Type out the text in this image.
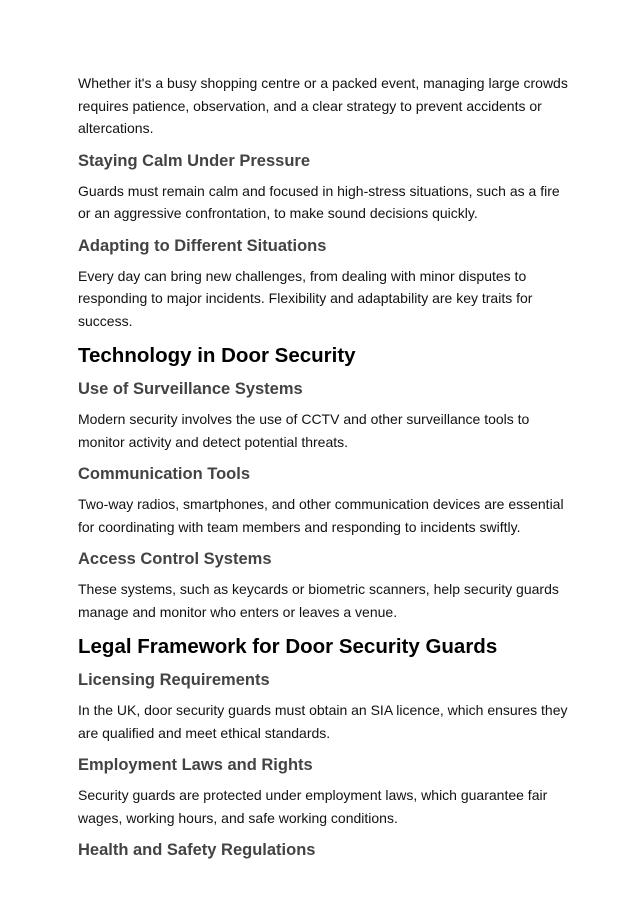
Whether it's a busy shopping centre or a packed event, managing large crowds requires patience, observation, and a clear strategy to prevent accidents or altercations.

Staying Calm Under Pressure

Guards must remain calm and focused in high-stress situations, such as a fire or an aggressive confrontation, to make sound decisions quickly.

Adapting to Different Situations

Every day can bring new challenges, from dealing with minor disputes to responding to major incidents. Flexibility and adaptability are key traits for success.

Technology in Door Security
Use of Surveillance Systems

Modern security involves the use of CCTV and other surveillance tools to monitor activity and detect potential threats.

Communication Tools

Two-way radios, smartphones, and other communication devices are essential for coordinating with team members and responding to incidents swiftly.

Access Control Systems

These systems, such as keycards or biometric scanners, help security guards manage and monitor who enters or leaves a venue.

Legal Framework for Door Security Guards
Licensing Requirements

In the UK, door security guards must obtain an SIA licence, which ensures they are qualified and meet ethical standards.

Employment Laws and Rights

Security guards are protected under employment laws, which guarantee fair wages, working hours, and safe working conditions.

Health and Safety Regulations
